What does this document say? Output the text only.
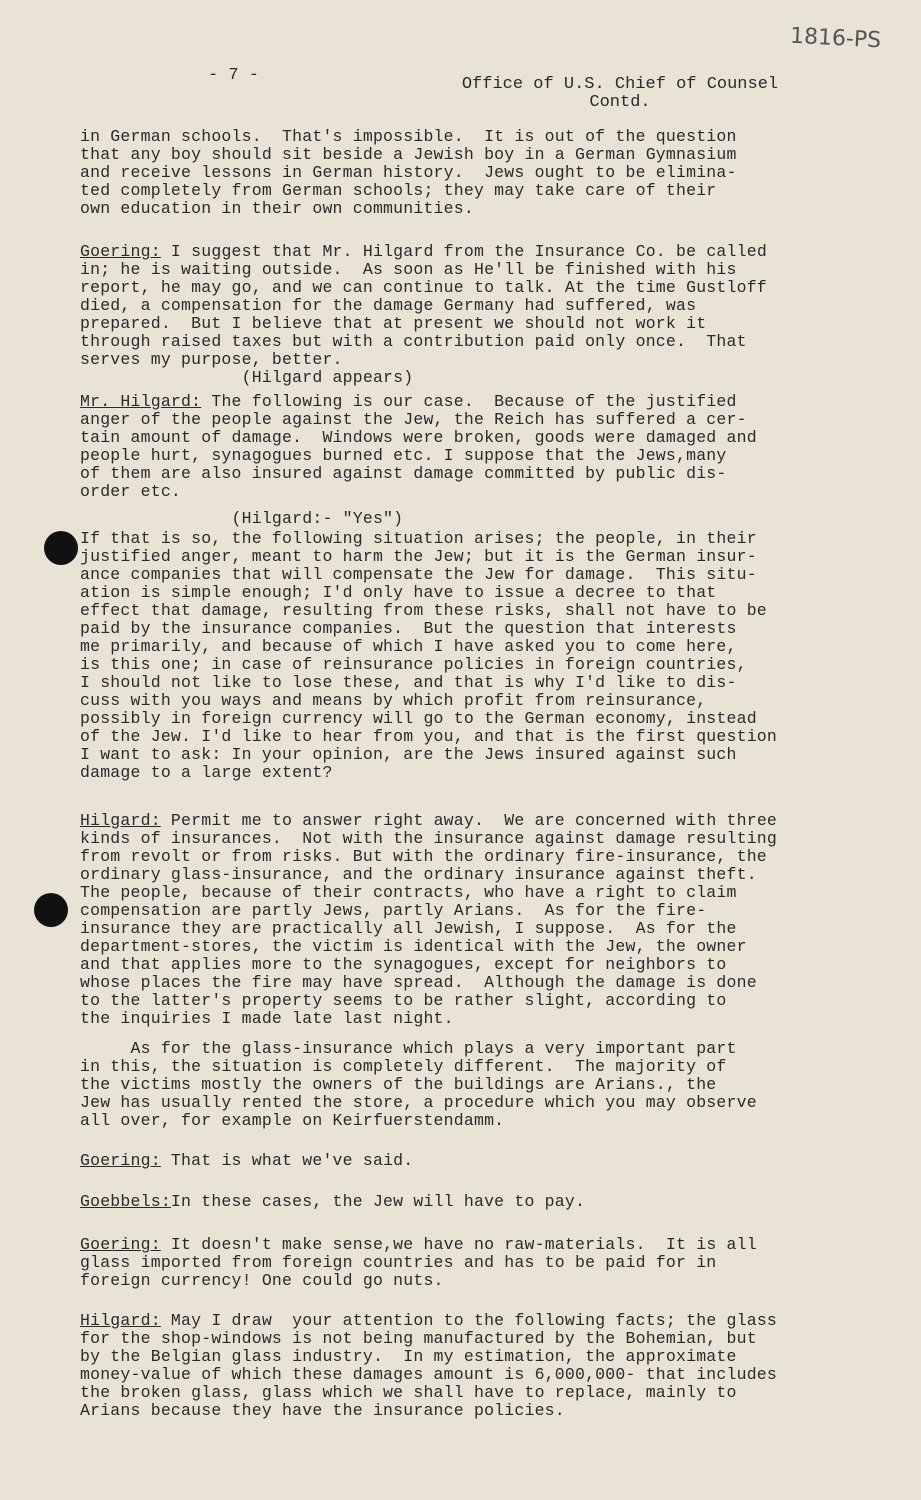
1816-PS
- 7 -	Office of U.S. Chief of Counsel
Contd.
in German schools.  That's impossible.  It is out of the question
that any boy should sit beside a Jewish boy in a German Gymnasium
and receive lessons in German history.  Jews ought to be elimina-
ted completely from German schools; they may take care of their
own education in their own communities.
Goering: I suggest that Mr. Hilgard from the Insurance Co. be called
in; he is waiting outside.  As soon as He'll be finished with his
report, he may go, and we can continue to talk. At the time Gustloff
died, a compensation for the damage Germany had suffered, was
prepared.  But I believe that at present we should not work it
through raised taxes but with a contribution paid only once.  That
serves my purpose, better.
(Hilgard appears)
Mr. Hilgard: The following is our case.  Because of the justified
anger of the people against the Jew, the Reich has suffered a cer-
tain amount of damage.  Windows were broken, goods were damaged and
people hurt, synagogues burned etc. I suppose that the Jews,many
of them are also insured against damage committed by public dis-
order etc.
(Hilgard:- "Yes")
If that is so, the following situation arises; the people, in their
justified anger, meant to harm the Jew; but it is the German insur-
ance companies that will compensate the Jew for damage.  This situ-
ation is simple enough; I'd only have to issue a decree to that
effect that damage, resulting from these risks, shall not have to be
paid by the insurance companies.  But the question that interests
me primarily, and because of which I have asked you to come here,
is this one; in case of reinsurance policies in foreign countries,
I should not like to lose these, and that is why I'd like to dis-
cuss with you ways and means by which profit from reinsurance,
possibly in foreign currency will go to the German economy, instead
of the Jew. I'd like to hear from you, and that is the first question
I want to ask: In your opinion, are the Jews insured against such
damage to a large extent?
Hilgard: Permit me to answer right away.  We are concerned with three
kinds of insurances.  Not with the insurance against damage resulting
from revolt or from risks. But with the ordinary fire-insurance, the
ordinary glass-insurance, and the ordinary insurance against theft.
The people, because of their contracts, who have a right to claim
compensation are partly Jews, partly Arians.  As for the fire-
insurance they are practically all Jewish, I suppose.  As for the
department-stores, the victim is identical with the Jew, the owner
and that applies more to the synagogues, except for neighbors to
whose places the fire may have spread.  Although the damage is done
to the latter's property seems to be rather slight, according to
the inquiries I made late last night.
As for the glass-insurance which plays a very important part
in this, the situation is completely different.  The majority of
the victims mostly the owners of the buildings are Arians., the
Jew has usually rented the store, a procedure which you may observe
all over, for example on Keirfuerstendamm.
Goering: That is what we've said.
Goebbels:In these cases, the Jew will have to pay.
Goering: It doesn't make sense,we have no raw-materials.  It is all
glass imported from foreign countries and has to be paid for in
foreign currency! One could go nuts.
Hilgard: May I draw  your attention to the following facts; the glass
for the shop-windows is not being manufactured by the Bohemian, but
by the Belgian glass industry.  In my estimation, the approximate
money-value of which these damages amount is 6,000,000- that includes
the broken glass, glass which we shall have to replace, mainly to
Arians because they have the insurance policies.
